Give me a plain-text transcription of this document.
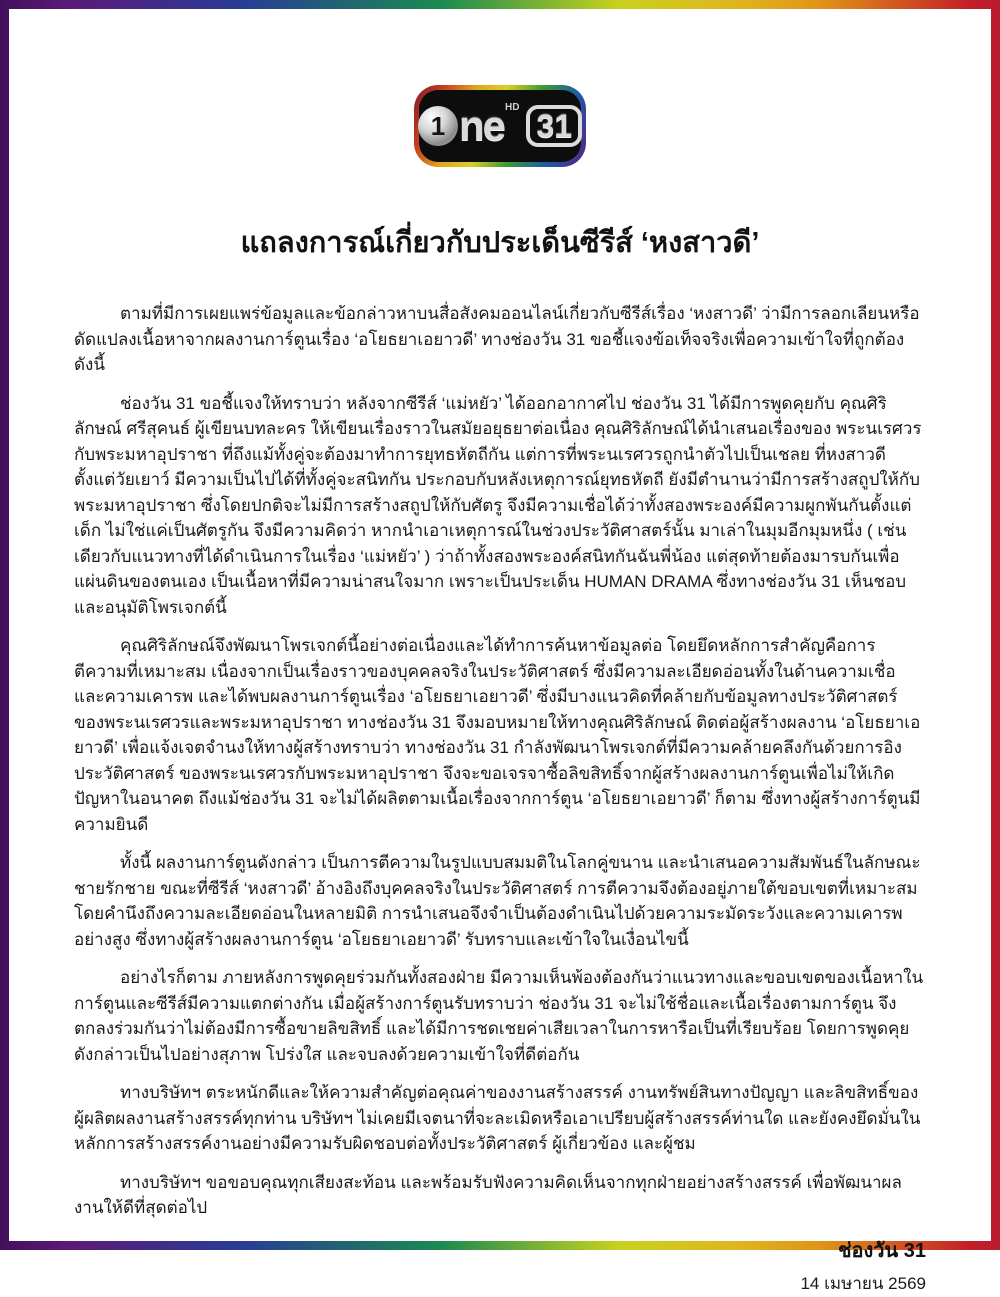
1 ne HD
31
แถลงการณ์เกี่ยวกับประเด็นซีรีส์ ‘หงสาวดี’

ตามที่มีการเผยแพร่ข้อมูลและข้อกล่าวหาบนสื่อสังคมออนไลน์เกี่ยวกับซีรีส์เรื่อง ‘หงสาวดี’ ว่ามีการลอกเลียนหรือดัดแปลงเนื้อหาจากผลงานการ์ตูนเรื่อง ‘อโยธยาเอยาวดี’ ทางช่องวัน 31 ขอชี้แจงข้อเท็จจริงเพื่อความเข้าใจที่ถูกต้อง ดังนี้

ช่องวัน 31 ขอชี้แจงให้ทราบว่า หลังจากซีรีส์ ‘แม่หยัว’ ได้ออกอากาศไป ช่องวัน 31 ได้มีการพูดคุยกับ คุณศิริลักษณ์ ศรีสุคนธ์ ผู้เขียนบทละคร ให้เขียนเรื่องราวในสมัยอยุธยาต่อเนื่อง คุณศิริลักษณ์ได้นำเสนอเรื่องของ พระนเรศวรกับพระมหาอุปราชา ที่ถึงแม้ทั้งคู่จะต้องมาทำการยุทธหัตถีกัน แต่การที่พระนเรศวรถูกนำตัวไปเป็นเชลย ที่หงสาวดีตั้งแต่วัยเยาว์ มีความเป็นไปได้ที่ทั้งคู่จะสนิทกัน ประกอบกับหลังเหตุการณ์ยุทธหัตถี ยังมีตำนานว่ามีการสร้างสถูปให้กับพระมหาอุปราชา ซึ่งโดยปกติจะไม่มีการสร้างสถูปให้กับศัตรู จึงมีความเชื่อได้ว่าทั้งสองพระองค์มีความผูกพันกันตั้งแต่เด็ก ไม่ใช่แค่เป็นศัตรูกัน จึงมีความคิดว่า หากนำเอาเหตุการณ์ในช่วงประวัติศาสตร์นั้น มาเล่าในมุมอีกมุมหนึ่ง ( เช่นเดียวกับแนวทางที่ได้ดำเนินการในเรื่อง ‘แม่หยัว’ ) ว่าถ้าทั้งสองพระองค์สนิทกันฉันพี่น้อง แต่สุดท้ายต้องมารบกันเพื่อแผ่นดินของตนเอง เป็นเนื้อหาที่มีความน่าสนใจมาก เพราะเป็นประเด็น HUMAN DRAMA ซึ่งทางช่องวัน 31 เห็นชอบและอนุมัติโพรเจกต์นี้

คุณศิริลักษณ์จึงพัฒนาโพรเจกต์นี้อย่างต่อเนื่องและได้ทำการค้นหาข้อมูลต่อ โดยยึดหลักการสำคัญคือการตีความที่เหมาะสม เนื่องจากเป็นเรื่องราวของบุคคลจริงในประวัติศาสตร์ ซึ่งมีความละเอียดอ่อนทั้งในด้านความเชื่อและความเคารพ และได้พบผลงานการ์ตูนเรื่อง ‘อโยธยาเอยาวดี’ ซึ่งมีบางแนวคิดที่คล้ายกับข้อมูลทางประวัติศาสตร์ของพระนเรศวรและพระมหาอุปราชา ทางช่องวัน 31 จึงมอบหมายให้ทางคุณศิริลักษณ์ ติดต่อผู้สร้างผลงาน ‘อโยธยาเอยาวดี’ เพื่อแจ้งเจตจำนงให้ทางผู้สร้างทราบว่า ทางช่องวัน 31 กำลังพัฒนาโพรเจกต์ที่มีความคล้ายคลึงกันด้วยการอิงประวัติศาสตร์ ของพระนเรศวรกับพระมหาอุปราชา จึงจะขอเจรจาซื้อลิขสิทธิ์จากผู้สร้างผลงานการ์ตูนเพื่อไม่ให้เกิดปัญหาในอนาคต ถึงแม้ช่องวัน 31 จะไม่ได้ผลิตตามเนื้อเรื่องจากการ์ตูน ‘อโยธยาเอยาวดี’ ก็ตาม ซึ่งทางผู้สร้างการ์ตูนมีความยินดี

ทั้งนี้ ผลงานการ์ตูนดังกล่าว เป็นการตีความในรูปแบบสมมติในโลกคู่ขนาน และนำเสนอความสัมพันธ์ในลักษณะชายรักชาย ขณะที่ซีรีส์ ‘หงสาวดี’ อ้างอิงถึงบุคคลจริงในประวัติศาสตร์ การตีความจึงต้องอยู่ภายใต้ขอบเขตที่เหมาะสม โดยคำนึงถึงความละเอียดอ่อนในหลายมิติ การนำเสนอจึงจำเป็นต้องดำเนินไปด้วยความระมัดระวังและความเคารพอย่างสูง ซึ่งทางผู้สร้างผลงานการ์ตูน ‘อโยธยาเอยาวดี’ รับทราบและเข้าใจในเงื่อนไขนี้

อย่างไรก็ตาม ภายหลังการพูดคุยร่วมกันทั้งสองฝ่าย มีความเห็นพ้องต้องกันว่าแนวทางและขอบเขตของเนื้อหาในการ์ตูนและซีรีส์มีความแตกต่างกัน เมื่อผู้สร้างการ์ตูนรับทราบว่า ช่องวัน 31 จะไม่ใช้ชื่อและเนื้อเรื่องตามการ์ตูน จึงตกลงร่วมกันว่าไม่ต้องมีการซื้อขายลิขสิทธิ์ และได้มีการชดเชยค่าเสียเวลาในการหารือเป็นที่เรียบร้อย โดยการพูดคุยดังกล่าวเป็นไปอย่างสุภาพ โปร่งใส และจบลงด้วยความเข้าใจที่ดีต่อกัน

ทางบริษัทฯ ตระหนักดีและให้ความสำคัญต่อคุณค่าของงานสร้างสรรค์ งานทรัพย์สินทางปัญญา และลิขสิทธิ์ของผู้ผลิตผลงานสร้างสรรค์ทุกท่าน บริษัทฯ ไม่เคยมีเจตนาที่จะละเมิดหรือเอาเปรียบผู้สร้างสรรค์ท่านใด และยังคงยึดมั่นในหลักการสร้างสรรค์งานอย่างมีความรับผิดชอบต่อทั้งประวัติศาสตร์ ผู้เกี่ยวข้อง และผู้ชม

ทางบริษัทฯ ขอขอบคุณทุกเสียงสะท้อน และพร้อมรับฟังความคิดเห็นจากทุกฝ่ายอย่างสร้างสรรค์ เพื่อพัฒนาผลงานให้ดีที่สุดต่อไป

ช่องวัน 31
14 เมษายน 2569
